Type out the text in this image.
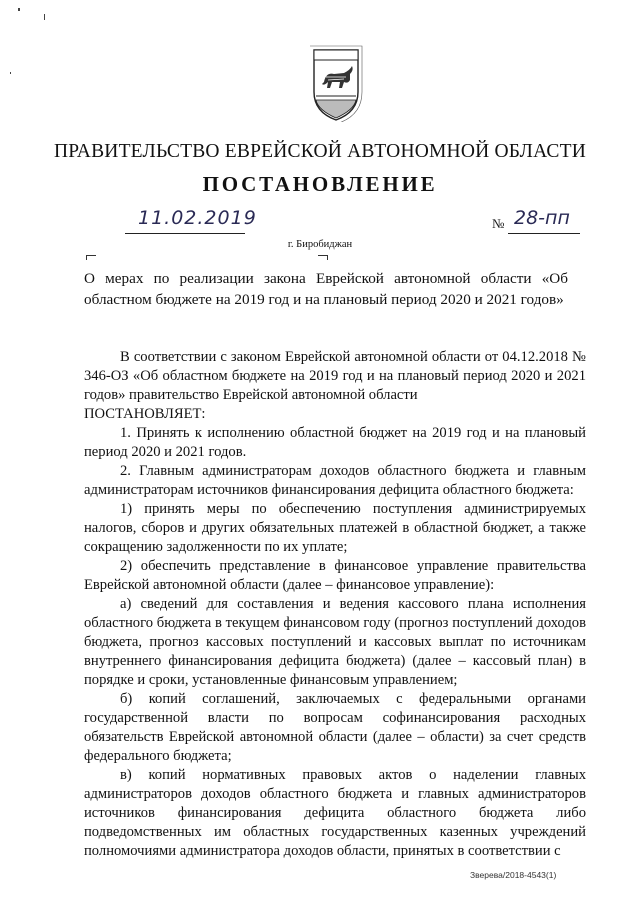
ПРАВИТЕЛЬСТВО ЕВРЕЙСКОЙ АВТОНОМНОЙ ОБЛАСТИ
ПОСТАНОВЛЕНИЕ
11.02.2019	№ 28-пп
г. Биробиджан
О мерах по реализации закона Еврейской автономной области «Об областном бюджете на 2019 год и на плановый период 2020 и 2021 годов»

В соответствии с законом Еврейской автономной области от 04.12.2018 № 346-ОЗ «Об областном бюджете на 2019 год и на плановый период 2020 и 2021 годов» правительство Еврейской автономной области

ПОСТАНОВЛЯЕТ:

1. Принять к исполнению областной бюджет на 2019 год и на плановый период 2020 и 2021 годов.

2. Главным администраторам доходов областного бюджета и главным администраторам источников финансирования дефицита областного бюджета:

1) принять меры по обеспечению поступления администрируемых налогов, сборов и других обязательных платежей в областной бюджет, а также сокращению задолженности по их уплате;

2) обеспечить представление в финансовое управление правительства Еврейской автономной области (далее – финансовое управление):

а) сведений для составления и ведения кассового плана исполнения областного бюджета в текущем финансовом году (прогноз поступлений доходов бюджета, прогноз кассовых поступлений и кассовых выплат по источникам внутреннего финансирования дефицита бюджета) (далее – кассовый план) в порядке и сроки, установленные финансовым управлением;

б) копий соглашений, заключаемых с федеральными органами государственной власти по вопросам софинансирования расходных обязательств Еврейской автономной области (далее – области) за счет средств федерального бюджета;

в) копий нормативных правовых актов о наделении главных администраторов доходов областного бюджета и главных администраторов источников финансирования дефицита областного бюджета либо подведомственных им областных государственных казенных учреждений полномочиями администратора доходов области, принятых в соответствии с

Зверева/2018-4543(1)
